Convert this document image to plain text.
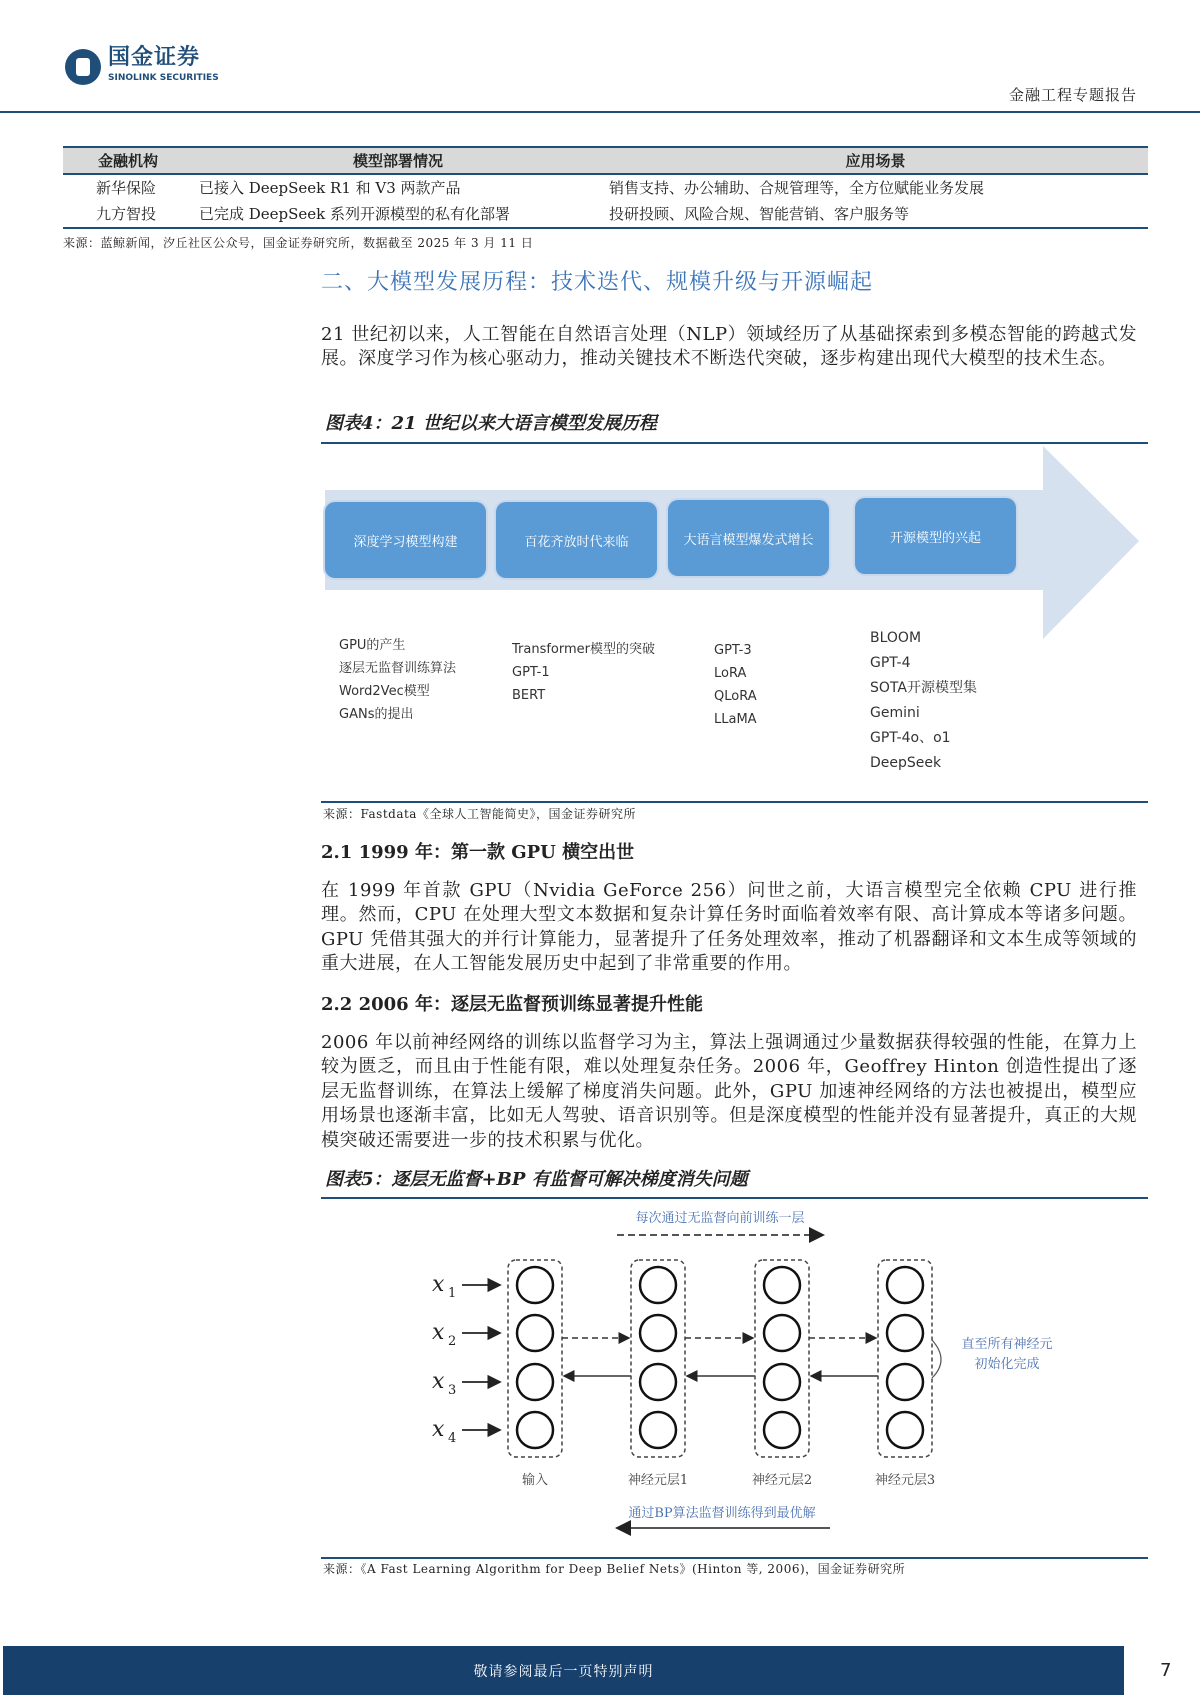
国金证券
SINOLINK SECURITIES
金融工程专题报告
金融机构	模型部署情况	应用场景
新华保险	已接入 DeepSeek R1 和 V3 两款产品	销售支持、办公辅助、合规管理等，全方位赋能业务发展
九方智投	已完成 DeepSeek 系列开源模型的私有化部署	投研投顾、风险合规、智能营销、客户服务等
来源：蓝鲸新闻，汐丘社区公众号，国金证券研究所，数据截至 2025 年 3 月 11 日
二、大模型发展历程：技术迭代、规模升级与开源崛起
21 世纪初以来，人工智能在自然语言处理（NLP）领域经历了从基础探索到多模态智能的跨越式发展。深度学习作为核心驱动力，推动关键技术不断迭代突破，逐步构建出现代大模型的技术生态。
图表4：21 世纪以来大语言模型发展历程
深度学习模型构建	百花齐放时代来临	大语言模型爆发式增长	开源模型的兴起
GPU的产生
逐层无监督训练算法
Word2Vec模型
GANs的提出
Transformer模型的突破
GPT-1
BERT
GPT-3
LoRA
QLoRA
LLaMA
BLOOM
GPT-4
SOTA开源模型集
Gemini
GPT-4o、o1
DeepSeek
来源：Fastdata《全球人工智能简史》，国金证券研究所
2.1 1999 年：第一款 GPU 横空出世
在 1999 年首款 GPU（Nvidia GeForce 256）问世之前，大语言模型完全依赖 CPU 进行推理。然而，CPU 在处理大型文本数据和复杂计算任务时面临着效率有限、高计算成本等诸多问题。GPU 凭借其强大的并行计算能力，显著提升了任务处理效率，推动了机器翻译和文本生成等领域的重大进展，在人工智能发展历史中起到了非常重要的作用。
2.2 2006 年：逐层无监督预训练显著提升性能
2006 年以前神经网络的训练以监督学习为主，算法上强调通过少量数据获得较强的性能，在算力上较为匮乏，而且由于性能有限，难以处理复杂任务。2006 年，Geoffrey Hinton 创造性提出了逐层无监督训练，在算法上缓解了梯度消失问题。此外，GPU 加速神经网络的方法也被提出，模型应用场景也逐渐丰富，比如无人驾驶、语音识别等。但是深度模型的性能并没有显著提升，真正的大规模突破还需要进一步的技术积累与优化。
图表5：逐层无监督+BP 有监督可解决梯度消失问题
每次通过无监督向前训练一层
通过BP算法监督训练得到最优解
直至所有神经元
初始化完成
输入	神经元层1	神经元层2	神经元层3
x 1
x 2
x 3
x 4
来源：《A Fast Learning Algorithm for Deep Belief Nets》(Hinton 等, 2006)，国金证券研究所
敬请参阅最后一页特别声明	7
